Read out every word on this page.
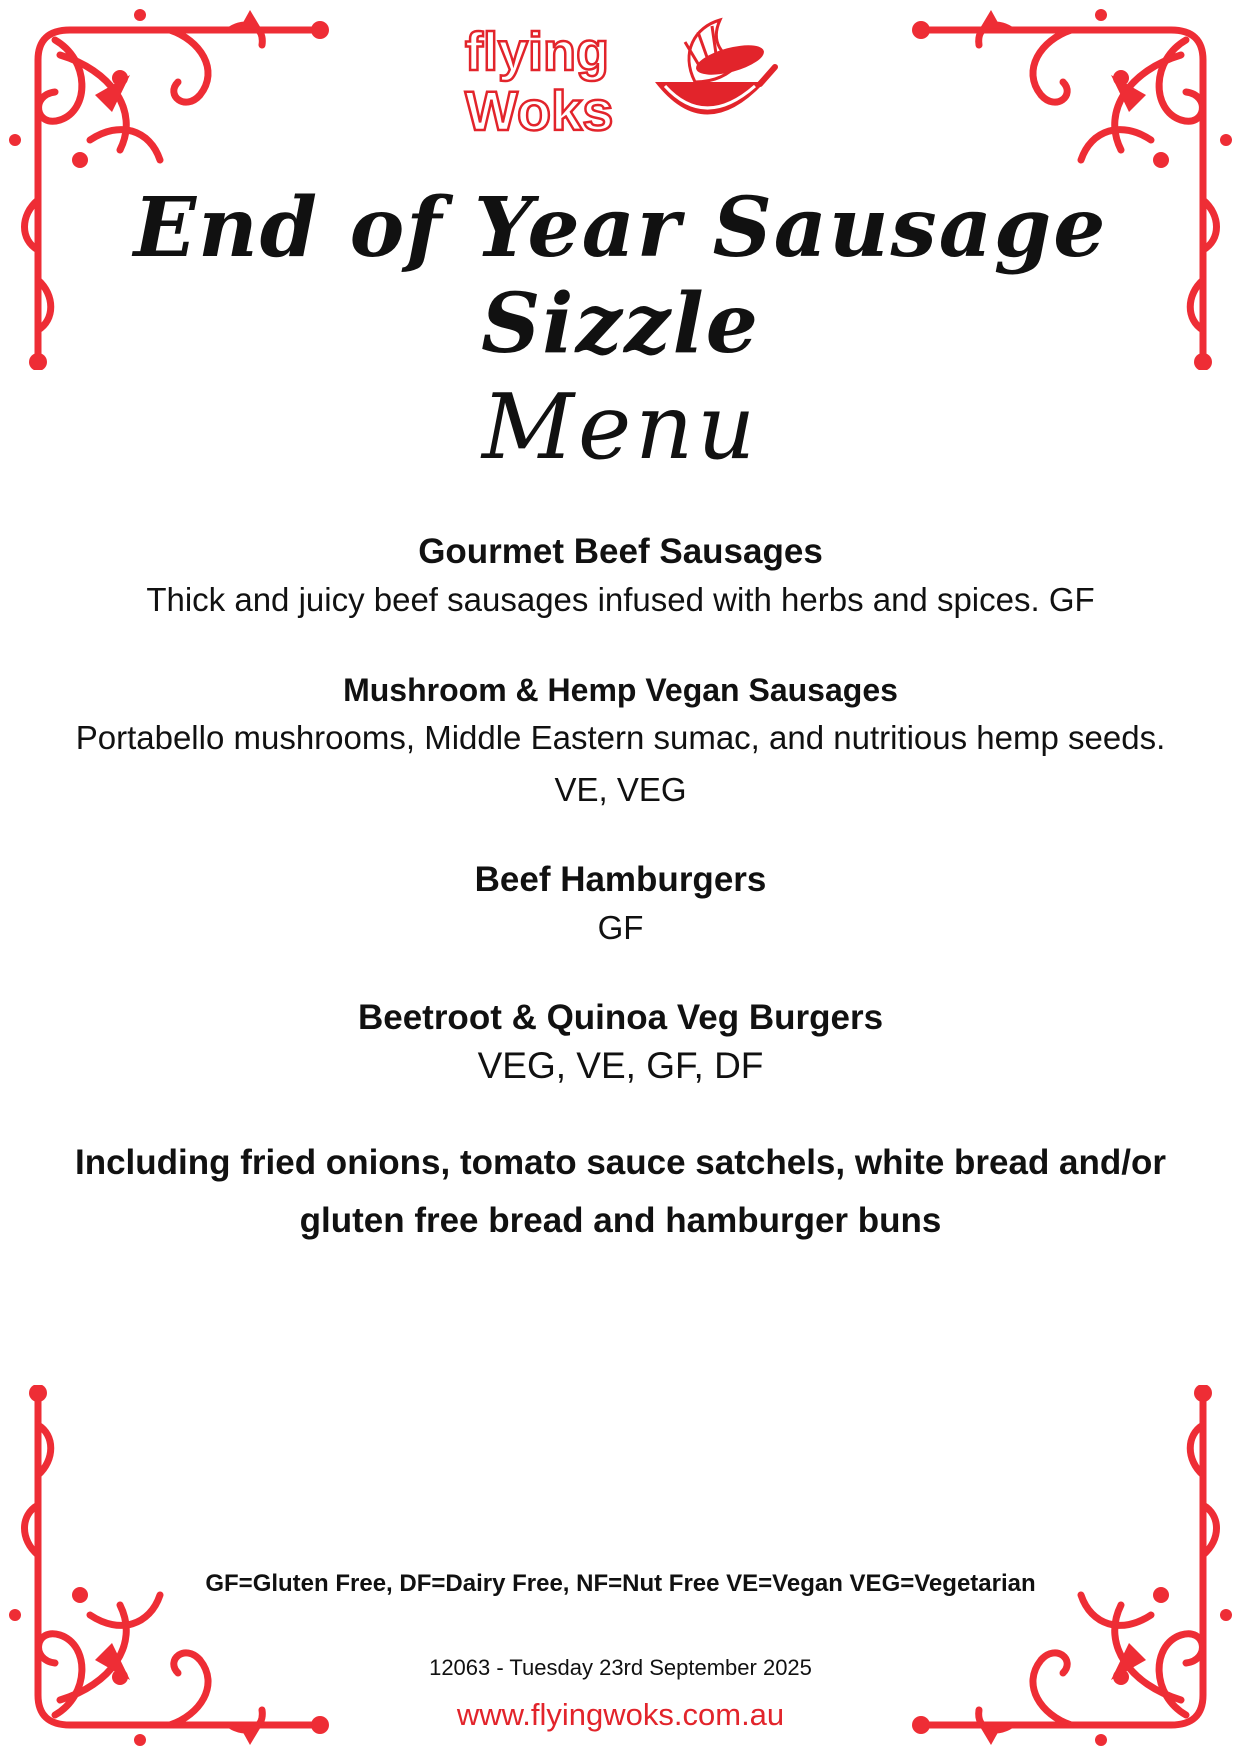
flying
Woks
End of Year Sausage Sizzle
Menu

Gourmet Beef Sausages

Thick and juicy beef sausages infused with herbs and spices. GF

Mushroom & Hemp Vegan Sausages

Portabello mushrooms, Middle Eastern sumac, and nutritious hemp seeds.

VE, VEG

Beef Hamburgers

GF

Beetroot & Quinoa Veg Burgers

VEG, VE, GF, DF

Including fried onions, tomato sauce satchels, white bread and/or gluten free bread and hamburger buns

GF=Gluten Free, DF=Dairy Free, NF=Nut Free VE=Vegan VEG=Vegetarian
12063 - Tuesday 23rd September 2025
www.flyingwoks.com.au
